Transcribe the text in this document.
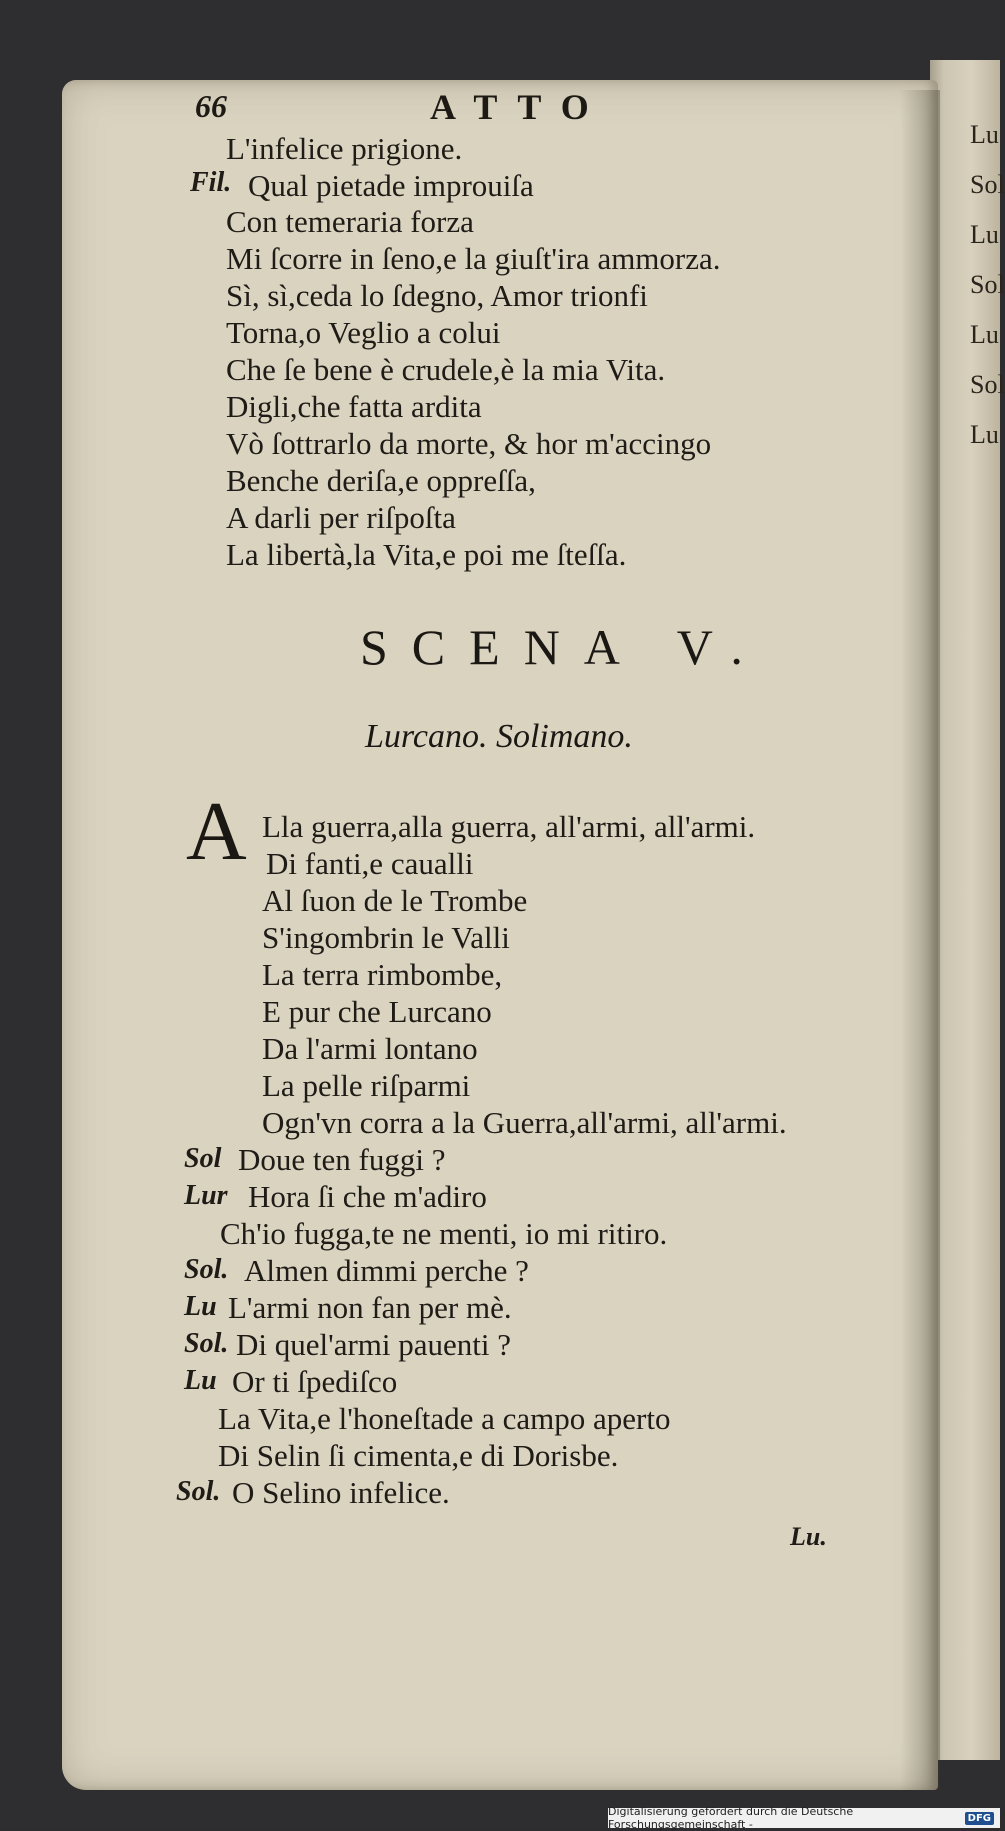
Lu
Sol
Lu
Sol
Lu
Sol
Lu
66	ATTO
L'infelice prigione.
Fil. Qual pietade improuiſa
Con temeraria forza
Mi ſcorre in ſeno,e la giuſt'ira ammorza.
Sì, sì,ceda lo ſdegno, Amor trionfi
Torna,o Veglio a colui
Che ſe bene è crudele,è la mia Vita.
Digli,che fatta ardita
Vò ſottrarlo da morte, & hor m'accingo
Benche deriſa,e oppreſſa,
A darli per riſpoſta
La libertà,la Vita,e poi me ſteſſa.
SCENA V.
Lurcano. Solimano.
A Lla guerra,alla guerra, all'armi, all'armi.
Di fanti,e caualli
Al ſuon de le Trombe
S'ingombrin le Valli
La terra rimbombe,
E pur che Lurcano
Da l'armi lontano
La pelle riſparmi
Ogn'vn corra a la Guerra,all'armi, all'armi.
Sol Doue ten fuggi ?
Lur Hora ſi che m'adiro
Ch'io fugga,te ne menti, io mi ritiro.
Sol. Almen dimmi perche ?
Lu L'armi non fan per mè.
Sol. Di quel'armi pauenti ?
Lu Or ti ſpediſco
La Vita,e l'honeſtade a campo aperto
Di Selin ſi cimenta,e di Dorisbe.
Sol. O Selino infelice.
Lu.
Digitalisierung gefördert durch die Deutsche Forschungsgemeinschaft -	DFG
